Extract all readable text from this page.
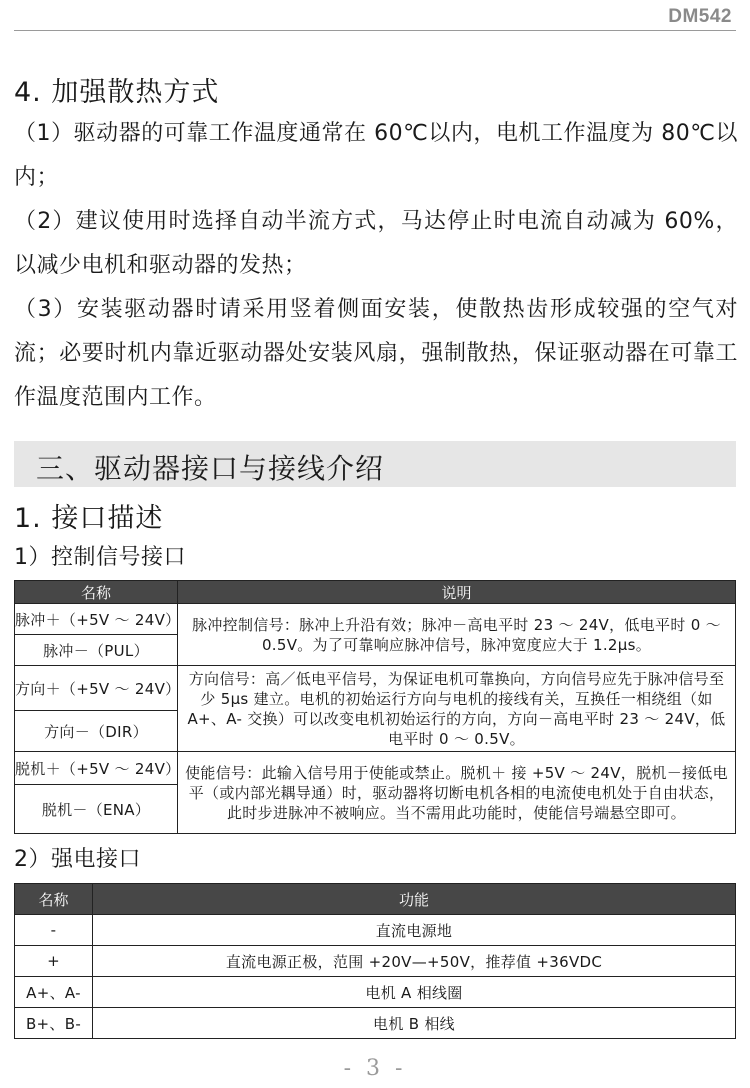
DM542
4. 加强散热方式

（1）驱动器的可靠工作温度通常在 60℃以内，电机工作温度为 80℃以内；

（2）建议使用时选择自动半流方式，马达停止时电流自动减为 60%，以减少电机和驱动器的发热；

（3）安装驱动器时请采用竖着侧面安装，使散热齿形成较强的空气对流；必要时机内靠近驱动器处安装风扇，强制散热，保证驱动器在可靠工作温度范围内工作。

三、驱动器接口与接线介绍
1. 接口描述
1）控制信号接口
名称	说明
脉冲＋（+5V ～ 24V）	脉冲控制信号：脉冲上升沿有效；脉冲－高电平时 23 ～ 24V，低电平时 0 ～ 0.5V。为了可靠响应脉冲信号，脉冲宽度应大于 1.2μs。
脉冲－（PUL）	
方向＋（+5V ～ 24V）	方向信号：高／低电平信号，为保证电机可靠换向，方向信号应先于脉冲信号至少 5μs 建立。电机的初始运行方向与电机的接线有关，互换任一相绕组（如A+、A- 交换）可以改变电机初始运行的方向，方向－高电平时 23 ～ 24V，低电平时 0 ～ 0.5V。
方向－（DIR）	
脱机＋（+5V ～ 24V）	使能信号：此输入信号用于使能或禁止。脱机＋ 接 +5V ～ 24V，脱机－接低电平（或内部光耦导通）时，驱动器将切断电机各相的电流使电机处于自由状态，此时步进脉冲不被响应。当不需用此功能时，使能信号端悬空即可。
脱机－（ENA）	
2）强电接口
名称	功能
-	直流电源地
+	直流电源正极，范围 +20V—+50V，推荐值 +36VDC
A+、A-	电机 A 相线圈
B+、B-	电机 B 相线
- 3 -
